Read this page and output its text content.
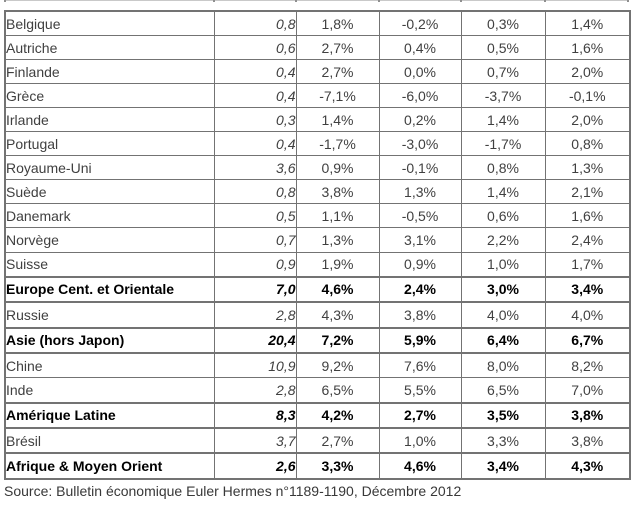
Belgique	0,8	1,8%	-0,2%	0,3%	1,4%
Autriche	0,6	2,7%	0,4%	0,5%	1,6%
Finlande	0,4	2,7%	0,0%	0,7%	2,0%
Grèce	0,4	-7,1%	-6,0%	-3,7%	-0,1%
Irlande	0,3	1,4%	0,2%	1,4%	2,0%
Portugal	0,4	-1,7%	-3,0%	-1,7%	0,8%
Royaume-Uni	3,6	0,9%	-0,1%	0,8%	1,3%
Suède	0,8	3,8%	1,3%	1,4%	2,1%
Danemark	0,5	1,1%	-0,5%	0,6%	1,6%
Norvège	0,7	1,3%	3,1%	2,2%	2,4%
Suisse	0,9	1,9%	0,9%	1,0%	1,7%
Europe Cent. et Orientale	7,0	4,6%	2,4%	3,0%	3,4%
Russie	2,8	4,3%	3,8%	4,0%	4,0%
Asie (hors Japon)	20,4	7,2%	5,9%	6,4%	6,7%
Chine	10,9	9,2%	7,6%	8,0%	8,2%
Inde	2,8	6,5%	5,5%	6,5%	7,0%
Amérique Latine	8,3	4,2%	2,7%	3,5%	3,8%
Brésil	3,7	2,7%	1,0%	3,3%	3,8%
Afrique & Moyen Orient	2,6	3,3%	4,6%	3,4%	4,3%
Source: Bulletin économique Euler Hermes n°1189-1190, Décembre 2012
